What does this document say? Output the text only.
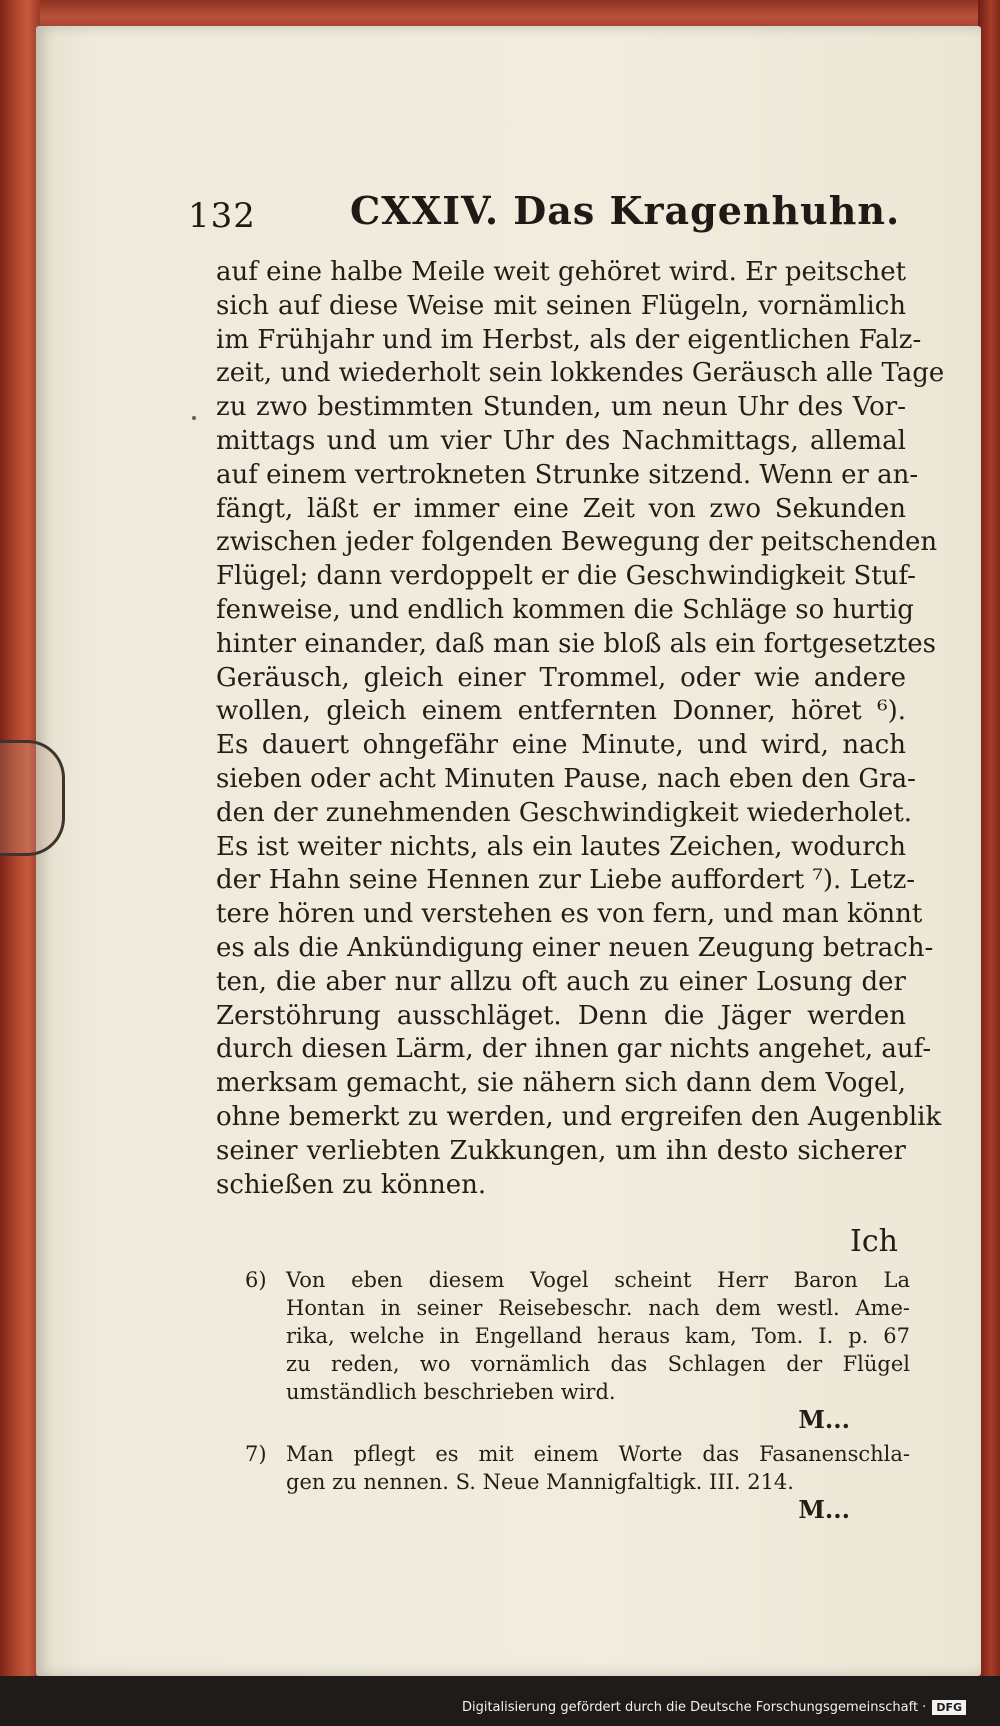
132 CXXIV. Das Kragenhuhn.
auf eine halbe Meile weit gehöret wird. Er peitschet
sich auf diese Weise mit seinen Flügeln, vornämlich
im Frühjahr und im Herbst, als der eigentlichen Falz-
zeit, und wiederholt sein lokkendes Geräusch alle Tage
zu zwo bestimmten Stunden, um neun Uhr des Vor-
mittags und um vier Uhr des Nachmittags, allemal
auf einem vertrokneten Strunke sitzend. Wenn er an-
fängt, läßt er immer eine Zeit von zwo Sekunden
zwischen jeder folgenden Bewegung der peitschenden
Flügel; dann verdoppelt er die Geschwindigkeit Stuf-
fenweise, und endlich kommen die Schläge so hurtig
hinter einander, daß man sie bloß als ein fortgesetztes
Geräusch, gleich einer Trommel, oder wie andere
wollen, gleich einem entfernten Donner, höret ⁶).
Es dauert ohngefähr eine Minute, und wird, nach
sieben oder acht Minuten Pause, nach eben den Gra-
den der zunehmenden Geschwindigkeit wiederholet.
Es ist weiter nichts, als ein lautes Zeichen, wodurch
der Hahn seine Hennen zur Liebe auffordert ⁷). Letz-
tere hören und verstehen es von fern, und man könnt
es als die Ankündigung einer neuen Zeugung betrach-
ten, die aber nur allzu oft auch zu einer Losung der
Zerstöhrung ausschläget. Denn die Jäger werden
durch diesen Lärm, der ihnen gar nichts angehet, auf-
merksam gemacht, sie nähern sich dann dem Vogel,
ohne bemerkt zu werden, und ergreifen den Augenblik
seiner verliebten Zukkungen, um ihn desto sicherer
schießen zu können.
Ich
6) Von eben diesem Vogel scheint Herr Baron La
Hontan in seiner Reisebeschr. nach dem westl. Ame-
rika, welche in Engelland heraus kam, Tom. I. p. 67
zu reden, wo vornämlich das Schlagen der Flügel
umständlich beschrieben wird.
M...
7) Man pflegt es mit einem Worte das Fasanenschla-
gen zu nennen. S. Neue Mannigfaltigk. III. 214.
M...
Digitalisierung gefördert durch die Deutsche Forschungsgemeinschaft · DFG
